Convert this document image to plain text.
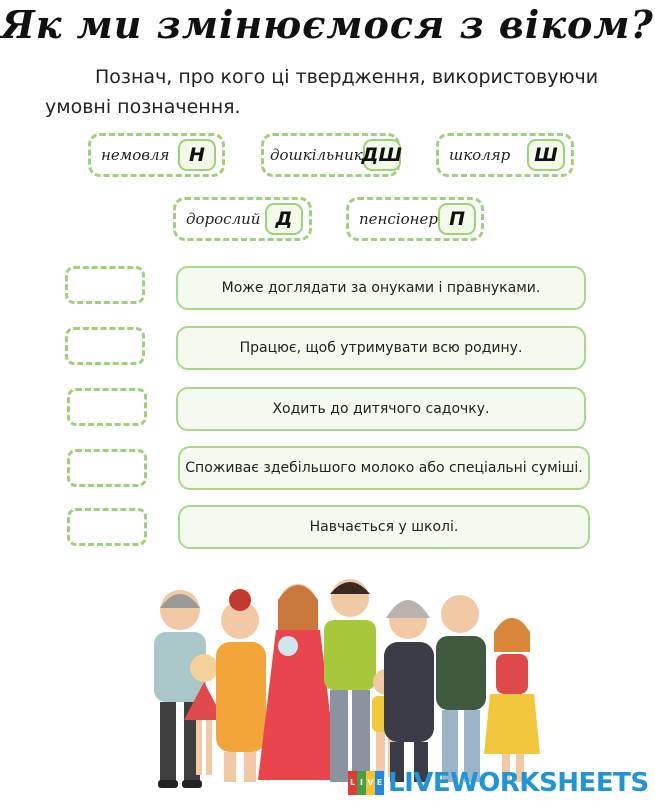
Як ми змінюємося з віком?
Познач, про кого ці твердження, використовуючи умовні позначення.
немовля	Н	дошкільник
ДШ	школяр	Ш
дорослий Д	пенсіонер П
Може доглядати за онуками і правнуками.
Працює, щоб утримувати всю родину.
Ходить до дитячого садочку.
Споживає здебільшого молоко або спеціальні суміші.
Навчається у школі.
L I V E LIVEWORKSHEETS
